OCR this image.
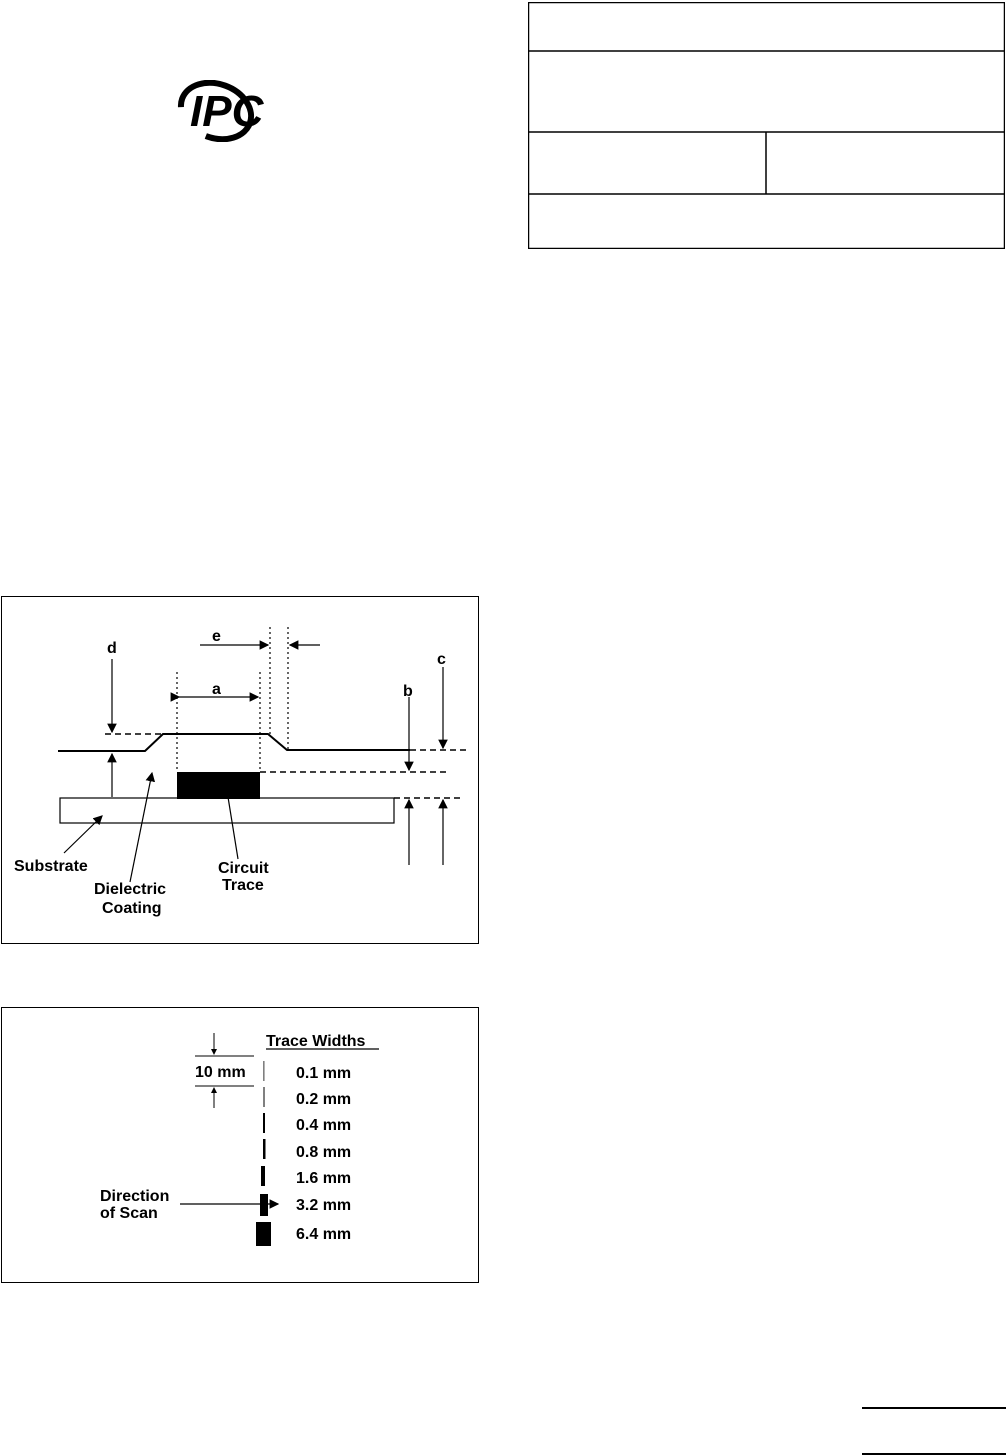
IPC
d
e
a
c
b
Substrate
Dielectric
Coating
Circuit
Trace
Trace Widths
10 mm	0.1 mm
0.2 mm
0.4 mm
0.8 mm
1.6 mm
3.2 mm
6.4 mm
Direction
of Scan
